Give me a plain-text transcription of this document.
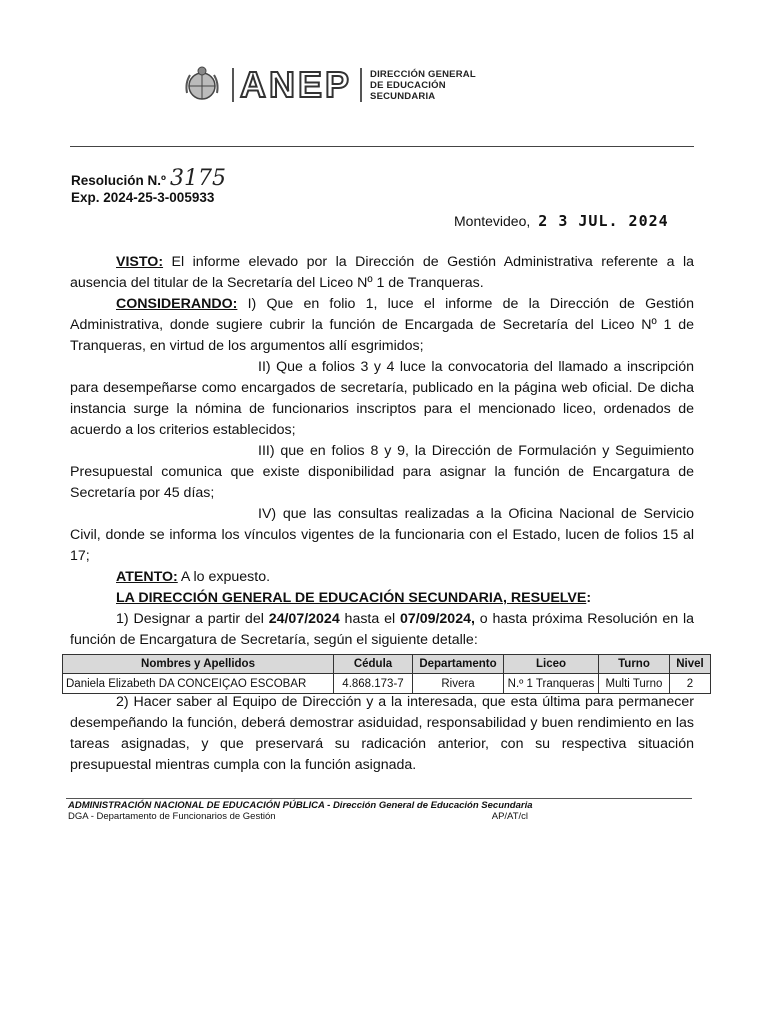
ANEP DIRECCIÓN GENERAL
DE EDUCACIÓN
SECUNDARIA
Resolución N.º 3175
Exp. 2024-25-3-005933
Montevideo, 2 3 JUL. 2024

VISTO: El informe elevado por la Dirección de Gestión Administrativa referente a la ausencia del titular de la Secretaría del Liceo Nº 1 de Tranqueras.

CONSIDERANDO: I) Que en folio 1, luce el informe de la Dirección de Gestión Administrativa, donde sugiere cubrir la función de Encargada de Secretaría del Liceo Nº 1 de Tranqueras, en virtud de los argumentos allí esgrimidos;

II) Que a folios 3 y 4 luce la convocatoria del llamado a inscripción para desempeñarse como encargados de secretaría, publicado en la página web oficial. De dicha instancia surge la nómina de funcionarios inscriptos para el mencionado liceo, ordenados de acuerdo a los criterios establecidos;

III) que en folios 8 y 9, la Dirección de Formulación y Seguimiento Presupuestal comunica que existe disponibilidad para asignar la función de Encargatura de Secretaría por 45 días;

IV) que las consultas realizadas a la Oficina Nacional de Servicio Civil, donde se informa los vínculos vigentes de la funcionaria con el Estado, lucen de folios 15 al 17;

ATENTO: A lo expuesto.

LA DIRECCIÓN GENERAL DE EDUCACIÓN SECUNDARIA, RESUELVE:

1) Designar a partir del 24/07/2024 hasta el 07/09/2024, o hasta próxima Resolución en la función de Encargatura de Secretaría, según el siguiente detalle:

Nombres y Apellidos	Cédula	Departamento	Liceo	Turno	Nivel
Daniela Elizabeth DA CONCEIÇAO ESCOBAR	4.868.173-7	Rivera	N.º 1 Tranqueras	Multi Turno	2

2) Hacer saber al Equipo de Dirección y a la interesada, que esta última para permanecer desempeñando la función, deberá demostrar asiduidad, responsabilidad y buen rendimiento en las tareas asignadas, y que preservará su radicación anterior, con su respectiva situación presupuestal mientras cumpla con la función asignada.

ADMINISTRACIÓN NACIONAL DE EDUCACIÓN PÚBLICA - Dirección General de Educación Secundaria
DGA - Departamento de Funcionarios de Gestión	AP/AT/cl
